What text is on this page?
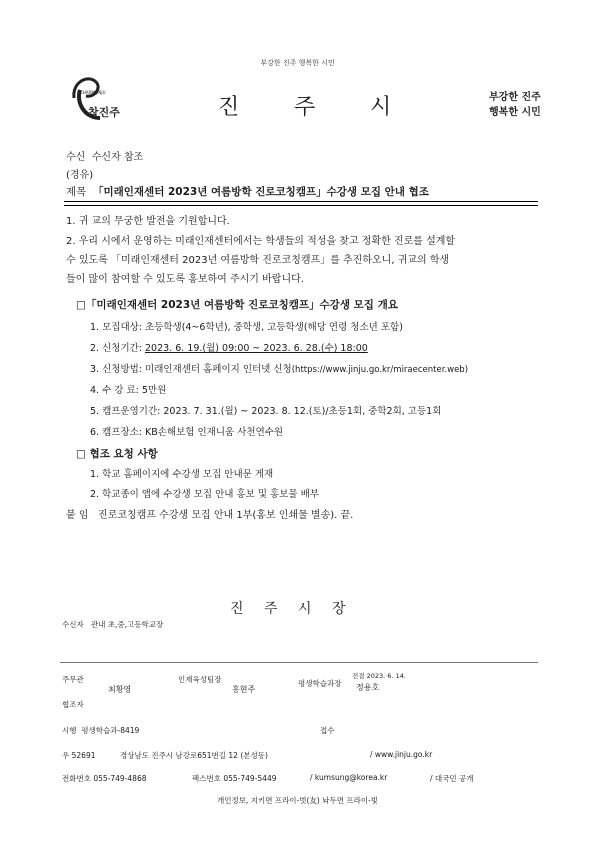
부강한 진주 행복한 시민
CHARM JINJU
참진주	진 주 시	부강한 진주
행복한 시민
수신 수신자 참조
(경유)
제목 「미래인재센터 2023년 여름방학 진로코칭캠프」수강생 모집 안내 협조
1. 귀 교의 무궁한 발전을 기원합니다.
2. 우리 시에서 운영하는 미래인재센터에서는 학생들의 적성을 찾고 정확한 진로를 설계할
수 있도록 「미래인재센터 2023년 여름방학 진로코칭캠프」를 추진하오니, 귀교의 학생
들이 많이 참여할 수 있도록 홍보하여 주시기 바랍니다.
□「미래인재센터 2023년 여름방학 진로코칭캠프」수강생 모집 개요
1. 모집대상: 초등학생(4~6학년), 중학생, 고등학생(해당 연령 청소년 포함)
2. 신청기간: 2023. 6. 19.(월) 09:00 ~ 2023. 6. 28.(수) 18:00
3. 신청방법: 미래인재센터 홈페이지 인터넷 신청(https://www.jinju.go.kr/miraecenter.web)
4. 수 강 료: 5만원
5. 캠프운영기간: 2023. 7. 31.(월) ~ 2023. 8. 12.(토)/초등1회, 중학2회, 고등1회
6. 캠프장소: KB손해보험 인재니움 사천연수원
□ 협조 요청 사항
1. 학교 홈페이지에 수강생 모집 안내문 게재
2. 학교종이 앱에 수강생 모집 안내 홍보 및 홍보물 배부
붙 임 진로코칭캠프 수강생 모집 안내 1부(홍보 인쇄물 별송). 끝.
진 주 시 장
수신자 관내 초,중,고등학교장
주무관
최황영
인재육성팀장
홍현주
평생학습과장
전결 2023. 6. 14.
정용호
협조자
시행 평생학습과-8419	접수
우 52691	경상남도 진주시 남강로651번길 12 (본성동)	/ www.jinju.go.kr
전화번호 055-749-4868	팩스번호 055-749-5449	/ kumsung@korea.kr	/ 대국민 공개
개인정보, 지키면 프라이-벗(友) 놔두면 프라이-빛
